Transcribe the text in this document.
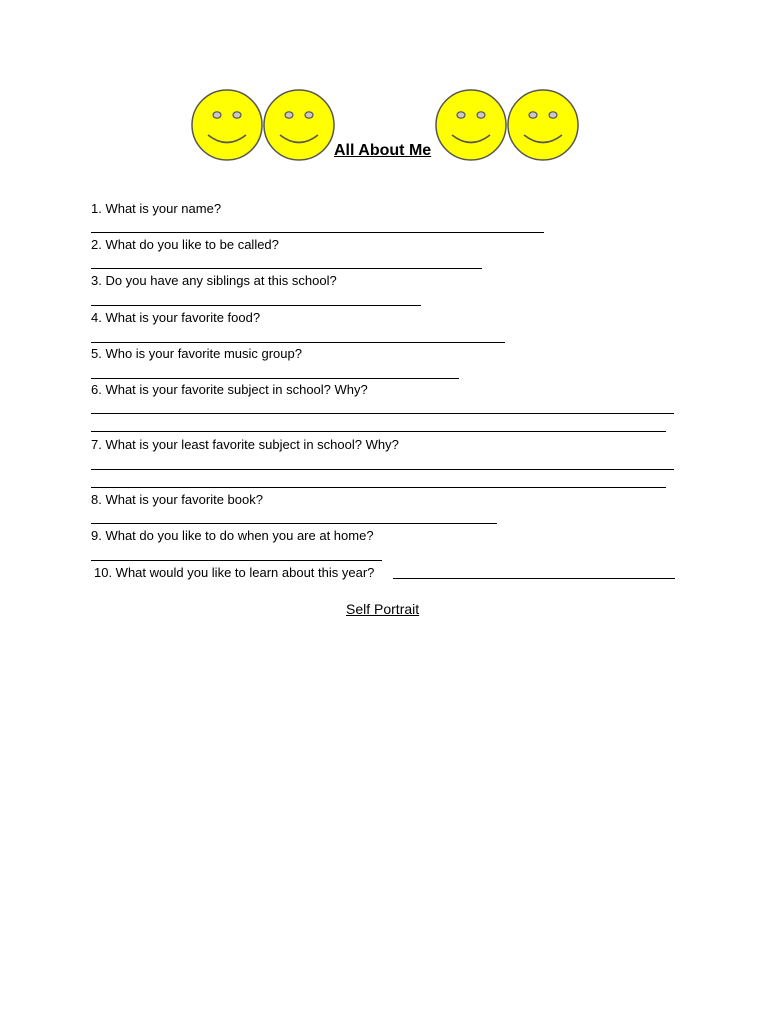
All About Me

1. What is your name?

2. What do you like to be called?

3. Do you have any siblings at this school?

4. What is your favorite food?

5. Who is your favorite music group?

6. What is your favorite subject in school? Why?

7. What is your least favorite subject in school? Why?

8. What is your favorite book?

9. What do you like to do when you are at home?

10. What would you like to learn about this year?

Self Portrait
